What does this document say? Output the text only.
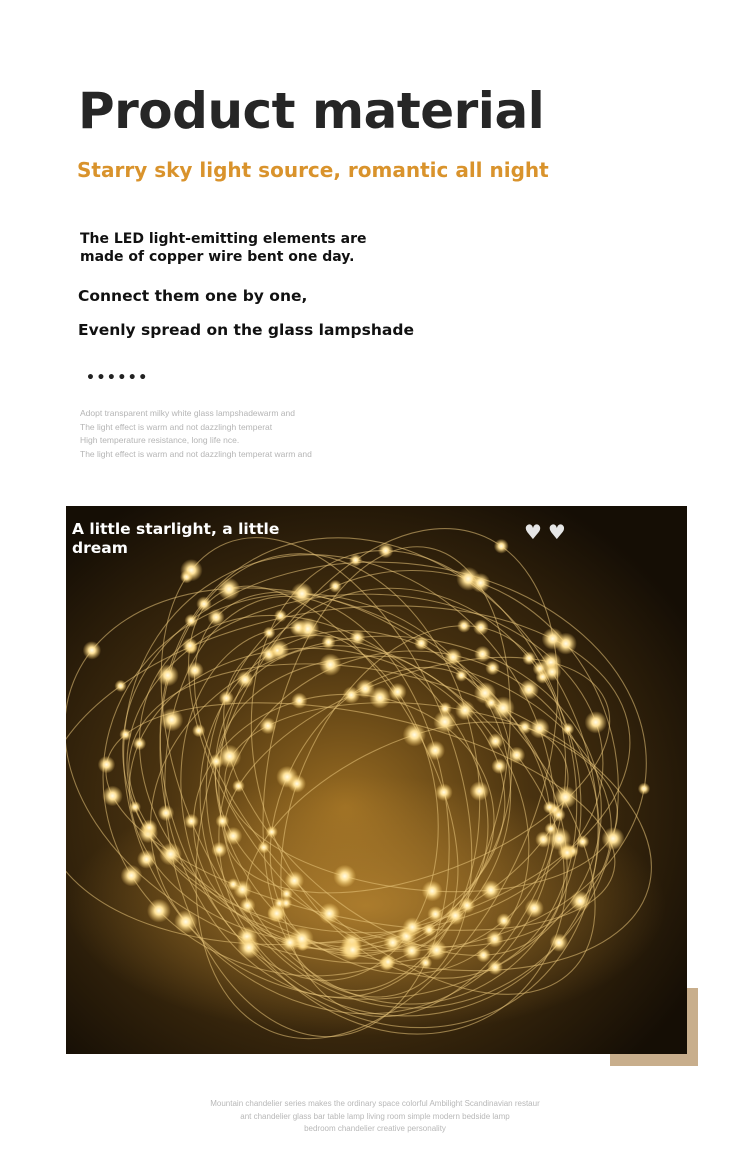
Product material
Starry sky light source, romantic all night
The LED light-emitting elements are
made of copper wire bent one day.
Connect them one by one,
Evenly spread on the glass lampshade
••••••
Adopt transparent milky white glass lampshadewarm and
The light effect is warm and not dazzlingh temperat
High temperature resistance, long life nce.
The light effect is warm and not dazzlingh temperat warm and
A little starlight, a little dream
♥♥
Mountain chandelier series makes the ordinary space colorful Ambilight Scandinavian restaur
ant chandelier glass bar table lamp living room simple modern bedside lamp
bedroom chandelier creative personality
